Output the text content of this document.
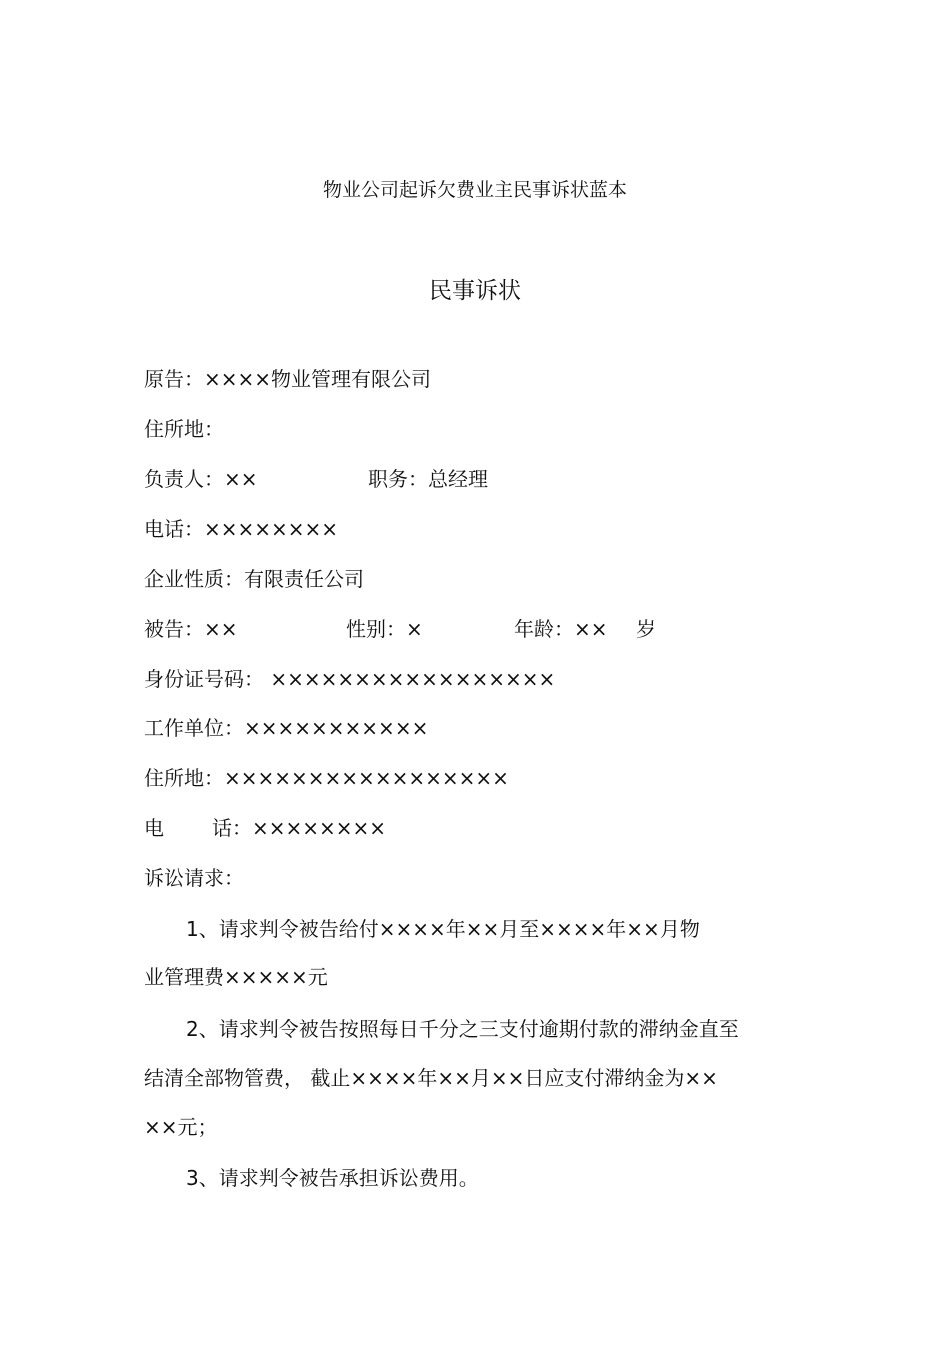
物业公司起诉欠费业主民事诉状蓝本
民事诉状
原告：××××物业管理有限公司
住所地：
负责人：××	职务：总经理
电话：××××××××
企业性质：有限责任公司
被告：××	性别：×	年龄：×× 岁
身份证号码： ×××××××××××××××××
工作单位：×××××××××××
住所地：×××××××××××××××××
电 话：××××××××
诉讼请求：
1、请求判令被告给付××××年××月至××××年××月物
业管理费×××××元
2、请求判令被告按照每日千分之三支付逾期付款的滞纳金直至
结清全部物管费， 截止××××年××月××日应支付滞纳金为××
××元；
3、请求判令被告承担诉讼费用。
